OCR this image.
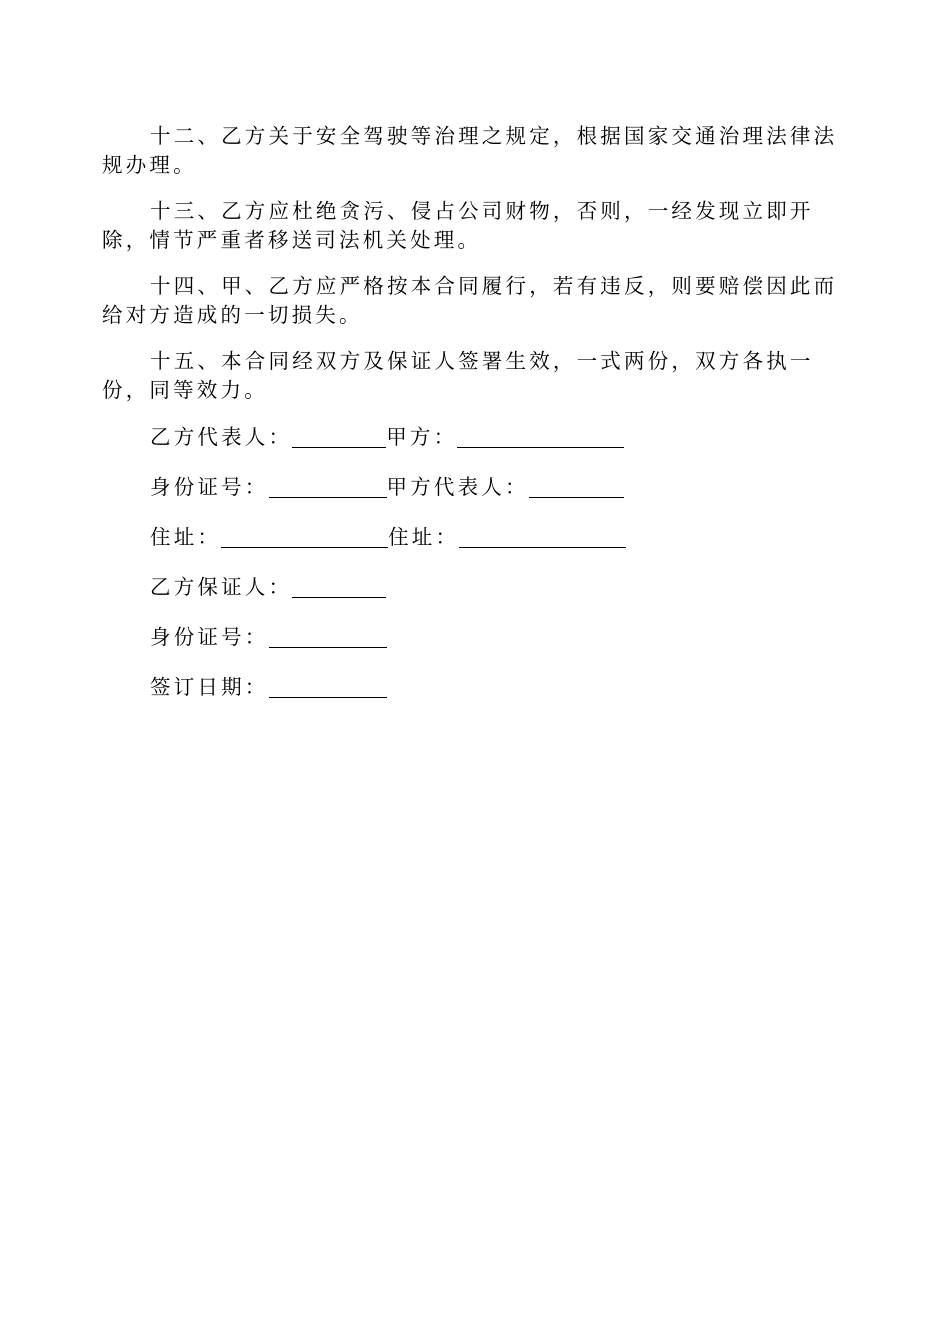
十二、乙方关于安全驾驶等治理之规定，根据国家交通治理法律法规办理。

十三、乙方应杜绝贪污、侵占公司财物，否则，一经发现立即开除，情节严重者移送司法机关处理。

十四、甲、乙方应严格按本合同履行，若有违反，则要赔偿因此而给对方造成的一切损失。

十五、本合同经双方及保证人签署生效，一式两份，双方各执一份，同等效力。

乙方代表人：	甲方：
身份证号：	甲方代表人：
住址：	住址：
乙方保证人：
身份证号：
签订日期：
